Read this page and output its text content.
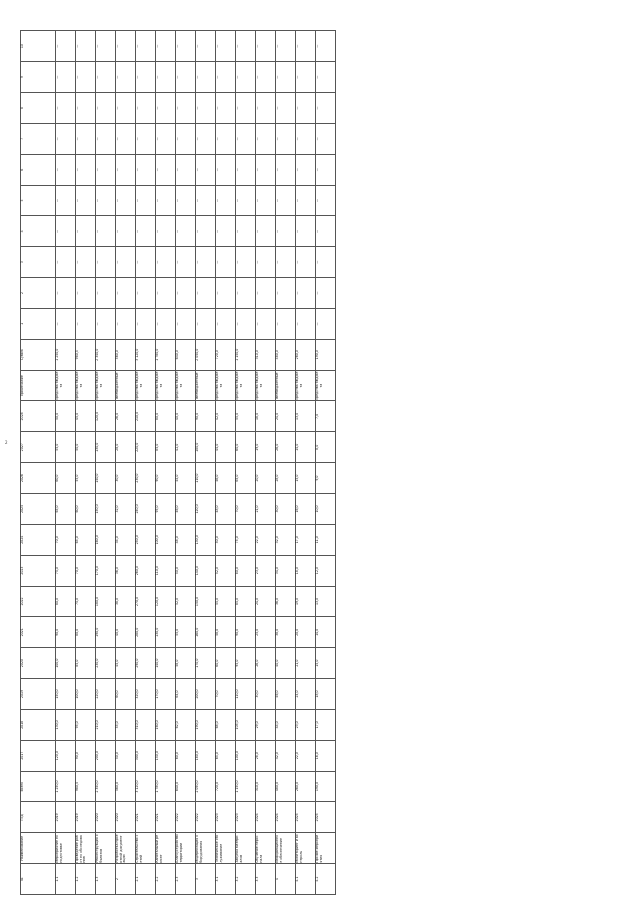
2
№	Наименование	Год	Всего	2017	2018	2019	2020	2021	2022	2023	2024	2025	2026	2027	2028	Примечание	Сумма	1	2	3	4	5	6	7	8	9	10
1.1	Мероприятие по подготовке	2019	1 250,0	120,0	130,0	150,0	100,0	90,0	80,0	75,0	70,0	65,0	60,0	55,0	50,0	средства бюджета	1 250,0	—	—	—	—	—	—	—	—	—	—
1.2	Проведение работ по обследованию	2019	980,5	90,0	95,0	100,0	85,0	80,0	75,0	70,0	65,0	60,0	55,0	50,0	45,0	средства бюджета	980,5	—	—	—	—	—	—	—	—	—	—
1.3	Реконструкция объектов	2020	2 340,0	200,0	210,0	220,0	230,0	190,0	180,0	170,0	160,0	150,0	140,0	130,0	120,0	средства бюджета	2 340,0	—	—	—	—	—	—	—	—	—	—
2	Разработка проектной документации	2020	560,0	50,0	55,0	60,0	45,0	40,0	38,0	36,0	34,0	32,0	30,0	28,0	26,0	внебюджетные	560,0	—	—	—	—	—	—	—	—	—	—
2.1	Строительство сетей	2021	3 120,0	300,0	310,0	320,0	290,0	280,0	270,0	260,0	250,0	240,0	230,0	220,0	210,0	средства бюджета	3 120,0	—	—	—	—	—	—	—	—	—	—
2.2	Капитальный ремонт	2021	1 780,0	150,0	160,0	170,0	140,0	130,0	120,0	110,0	100,0	95,0	90,0	85,0	80,0	средства бюджета	1 780,0	—	—	—	—	—	—	—	—	—	—
2.3	Благоустройство территории	2022	640,0	60,0	62,0	64,0	58,0	55,0	52,0	50,0	48,0	46,0	44,0	42,0	40,0	средства бюджета	640,0	—	—	—	—	—	—	—	—	—	—
3	Модернизация оборудования	2022	2 050,0	180,0	190,0	200,0	170,0	160,0	150,0	140,0	130,0	120,0	110,0	100,0	90,0	внебюджетные	2 050,0	—	—	—	—	—	—	—	—	—	—
3.1	Техническое обслуживание	2023	720,0	65,0	68,0	70,0	60,0	58,0	55,0	52,0	50,0	48,0	46,0	44,0	42,0	средства бюджета	720,0	—	—	—	—	—	—	—	—	—	—
3.2	Закупка материалов	2023	1 150,0	100,0	105,0	110,0	95,0	90,0	85,0	80,0	75,0	70,0	65,0	60,0	55,0	средства бюджета	1 150,0	—	—	—	—	—	—	—	—	—	—
3.3	Обучение персонала	2024	310,0	28,0	29,0	30,0	26,0	25,0	24,0	23,0	22,0	21,0	20,0	19,0	18,0	средства бюджета	310,0	—	—	—	—	—	—	—	—	—	—
4	Информационное обеспечение	2024	480,0	42,0	44,0	46,0	40,0	38,0	36,0	34,0	32,0	30,0	28,0	26,0	24,0	внебюджетные	480,0	—	—	—	—	—	—	—	—	—	—
4.1	Мониторинг и контроль	2025	260,0	22,0	23,0	24,0	21,0	20,0	19,0	18,0	17,0	16,0	15,0	14,0	13,0	средства бюджета	260,0	—	—	—	—	—	—	—	—	—	—
4.2	Прочие мероприятия	2025	190,0	16,0	17,0	18,0	15,0	14,0	13,0	12,0	11,0	10,0	9,0	8,0	7,0	средства бюджета	190,0	—	—	—	—	—	—	—	—	—	—
